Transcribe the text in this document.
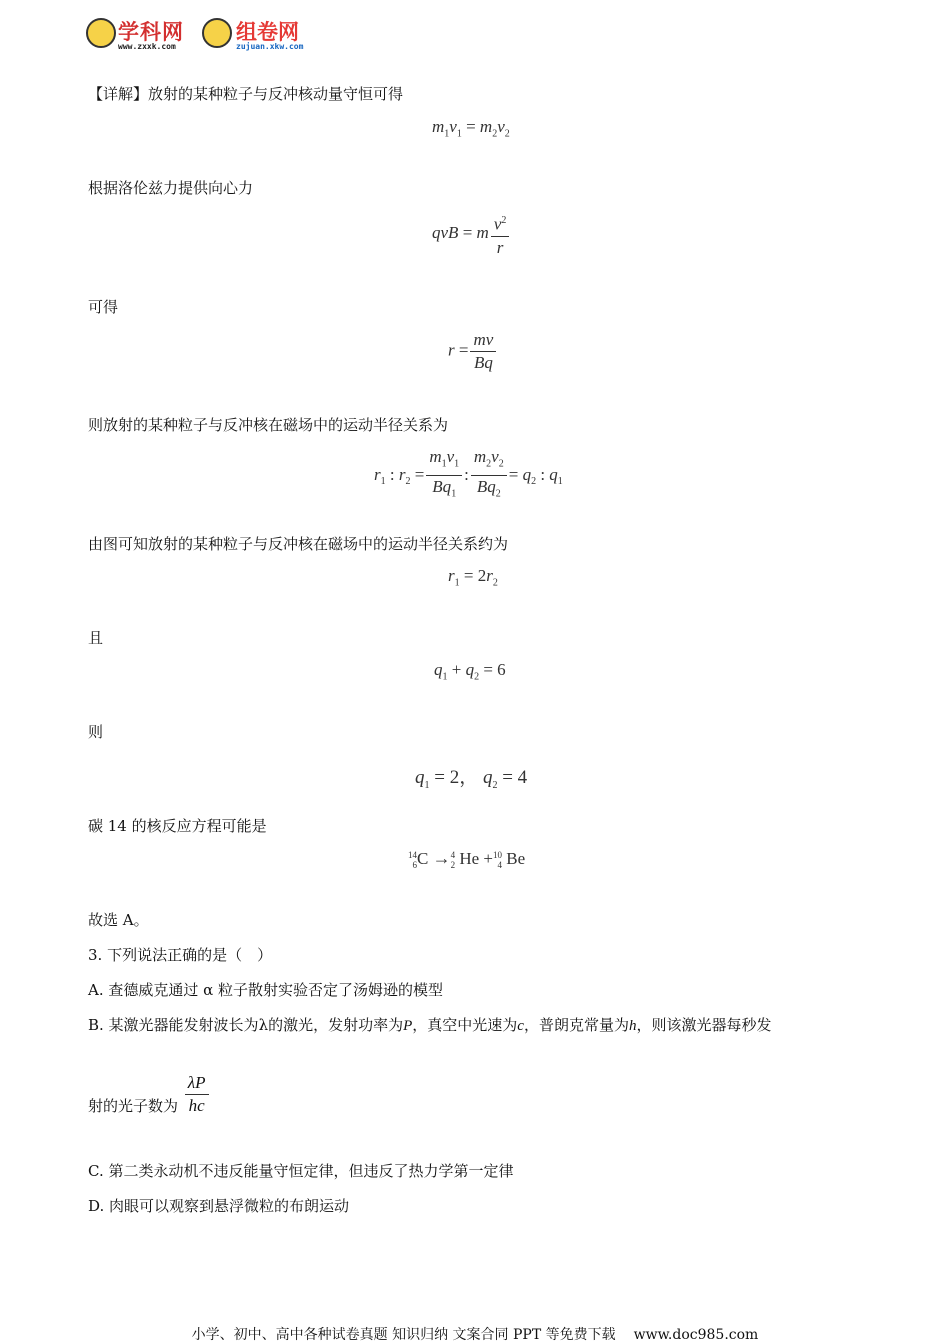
学科网
www.zxxk.com
组卷网
zujuan.xkw.com
【详解】放射的某种粒子与反冲核动量守恒可得
$m_1v_1 = m_2v_2$
根据洛伦兹力提供向心力
qvB = m $\frac{v^2}{r}$
可得
$r = \frac{mv}{Bq}$
则放射的某种粒子与反冲核在磁场中的运动半径关系为
$r_1$ : $r_2 = \frac{m_1v_1}{Bq_1}$ : $\frac{m_2v_2}{Bq_2} = q_2$ : $q_1$
由图可知放射的某种粒子与反冲核在磁场中的运动半径关系约为
$r_1 = 2r_2$
且
$q_1 + q_2 = 6$
则
$q_1 = 2$， $q_2 = 4$
碳 14 的核反应方程可能是
14
6C →4
2 He +10
4 Be
故选 A。
3. 下列说法正确的是（　）
A. 查德威克通过 α 粒子散射实验否定了汤姆逊的模型
B. 某激光器能发射波长为λ的激光，发射功率为P，真空中光速为c，普朗克常量为h，则该激光器每秒发
射的光子数为 $\frac{\lambda P}{hc}$
C. 第二类永动机不违反能量守恒定律，但违反了热力学第一定律
D. 肉眼可以观察到悬浮微粒的布朗运动
小学、初中、高中各种试卷真题 知识归纳 文案合同 PPT 等免费下载 www.doc985.com
